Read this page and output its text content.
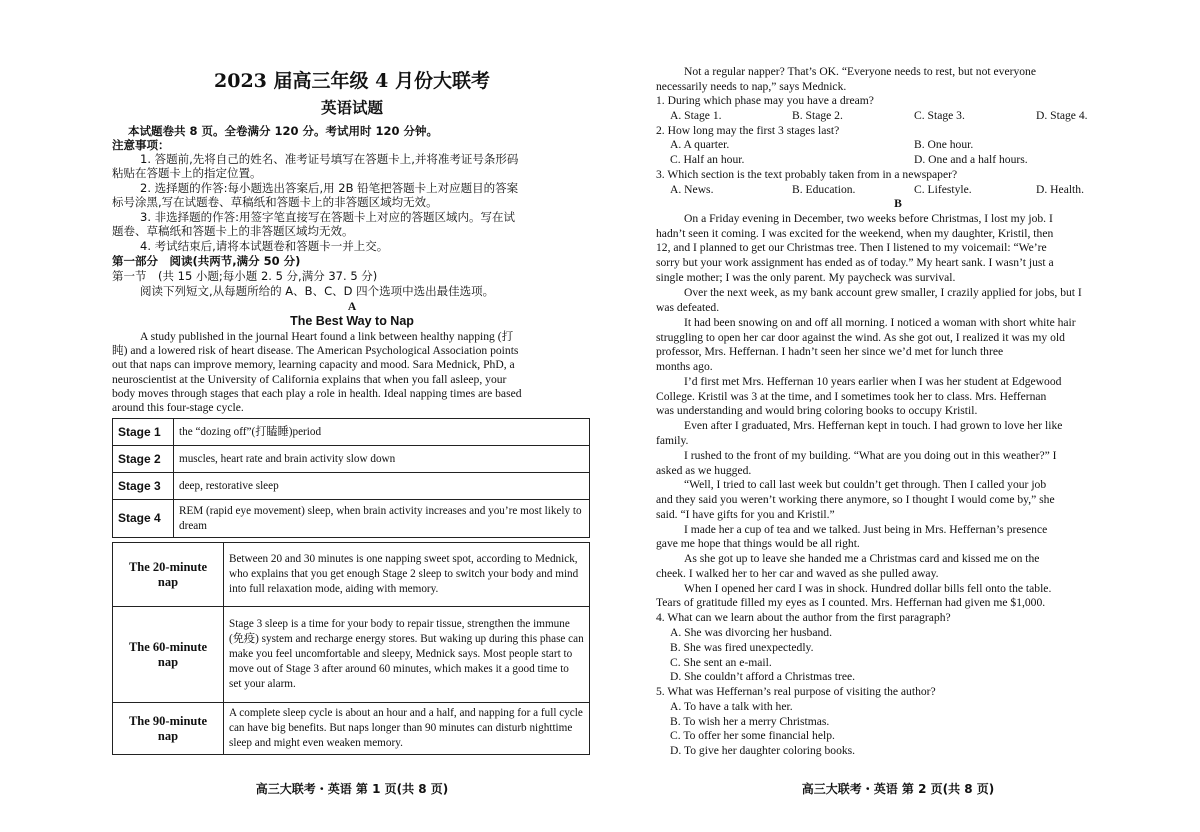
2023 届高三年级 4 月份大联考
英语试题
本试题卷共 8 页。全卷满分 120 分。考试用时 120 分钟。
注意事项：
1. 答题前,先将自己的姓名、准考证号填写在答题卡上,并将准考证号条形码
粘贴在答题卡上的指定位置。
2. 选择题的作答:每小题选出答案后,用 2B 铅笔把答题卡上对应题目的答案
标号涂黑,写在试题卷、草稿纸和答题卡上的非答题区域均无效。
3. 非选择题的作答:用签字笔直接写在答题卡上对应的答题区域内。写在试
题卷、草稿纸和答题卡上的非答题区域均无效。
4. 考试结束后,请将本试题卷和答题卡一并上交。
第一部分　阅读(共两节,满分 50 分)
第一节　(共 15 小题;每小题 2. 5 分,满分 37. 5 分)
阅读下列短文,从每题所给的 A、B、C、D 四个选项中选出最佳选项。
A
The Best Way to Nap
A study published in the journal Heart found a link between healthy napping (打
盹) and a lowered risk of heart disease. The American Psychological Association points
out that naps can improve memory, learning capacity and mood. Sara Mednick, PhD, a
neuroscientist at the University of California explains that when you fall asleep, your
body moves through stages that each play a role in health. Ideal napping times are based
around this four-stage cycle.
Stage 1	the “dozing off”(打瞌睡)period
Stage 2	muscles, heart rate and brain activity slow down
Stage 3	deep, restorative sleep
Stage 4	REM (rapid eye movement) sleep, when brain activity increases and you’re most likely to dream
The 20-minute nap	Between 20 and 30 minutes is one napping sweet spot, according to Mednick, who explains that you get enough Stage 2 sleep to switch your body and mind into full relaxation mode, aiding with memory.
The 60-minute nap	Stage 3 sleep is a time for your body to repair tissue, strengthen the immune (免疫) system and recharge energy stores. But waking up during this phase can make you feel uncomfortable and sleepy, Mednick says. Most people start to move out of Stage 3 after around 60 minutes, which makes it a good time to set your alarm.
The 90-minute nap	A complete sleep cycle is about an hour and a half, and napping for a full cycle can have big benefits. But naps longer than 90 minutes can disturb nighttime sleep and might even weaken memory.
高三大联考・英语 第 1 页(共 8 页)
Not a regular napper? That’s OK. “Everyone needs to rest, but not everyone
necessarily needs to nap,” says Mednick.
1. During which phase may you have a dream?
A. Stage 1.	B. Stage 2.	C. Stage 3.	D. Stage 4.
2. How long may the first 3 stages last?
A. A quarter.	B. One hour.
C. Half an hour.	D. One and a half hours.
3. Which section is the text probably taken from in a newspaper?
A. News.	B. Education.	C. Lifestyle.	D. Health.
B
On a Friday evening in December, two weeks before Christmas, I lost my job. I
hadn’t seen it coming. I was excited for the weekend, when my daughter, Kristil, then
12, and I planned to get our Christmas tree. Then I listened to my voicemail: “We’re
sorry but your work assignment has ended as of today.” My heart sank. I wasn’t just a
single mother; I was the only parent. My paycheck was survival.
Over the next week, as my bank account grew smaller, I crazily applied for jobs, but I
was defeated.
It had been snowing on and off all morning. I noticed a woman with short white hair
struggling to open her car door against the wind. As she got out, I realized it was my old
professor, Mrs. Heffernan. I hadn’t seen her since we’d met for lunch three
months ago.
I’d first met Mrs. Heffernan 10 years earlier when I was her student at Edgewood
College. Kristil was 3 at the time, and I sometimes took her to class. Mrs. Heffernan
was understanding and would bring coloring books to occupy Kristil.
Even after I graduated, Mrs. Heffernan kept in touch. I had grown to love her like
family.
I rushed to the front of my building. “What are you doing out in this weather?” I
asked as we hugged.
“Well, I tried to call last week but couldn’t get through. Then I called your job
and they said you weren’t working there anymore, so I thought I would come by,” she
said. “I have gifts for you and Kristil.”
I made her a cup of tea and we talked. Just being in Mrs. Heffernan’s presence
gave me hope that things would be all right.
As she got up to leave she handed me a Christmas card and kissed me on the
cheek. I walked her to her car and waved as she pulled away.
When I opened her card I was in shock. Hundred dollar bills fell onto the table.
Tears of gratitude filled my eyes as I counted. Mrs. Heffernan had given me $1,000.
4. What can we learn about the author from the first paragraph?
A. She was divorcing her husband.
B. She was fired unexpectedly.
C. She sent an e-mail.
D. She couldn’t afford a Christmas tree.
5. What was Heffernan’s real purpose of visiting the author?
A. To have a talk with her.
B. To wish her a merry Christmas.
C. To offer her some financial help.
D. To give her daughter coloring books.
高三大联考・英语 第 2 页(共 8 页)
